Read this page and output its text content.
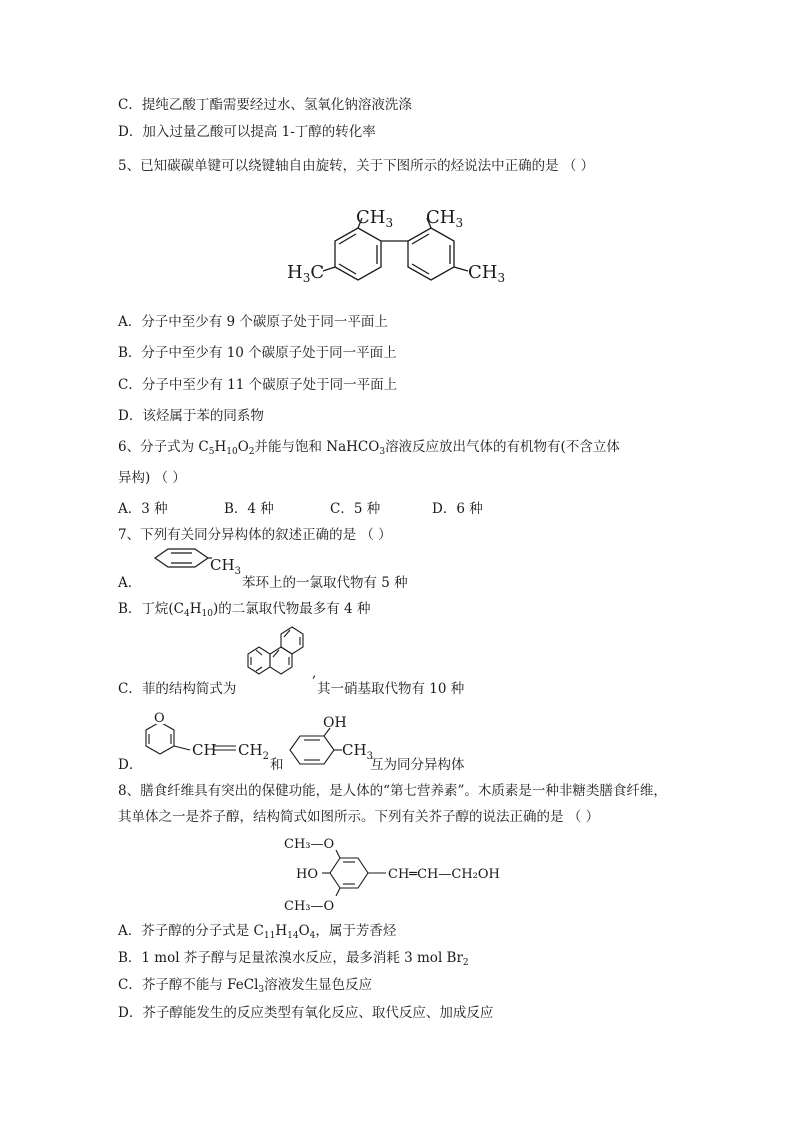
C．提纯乙酸丁酯需要经过水、氢氧化钠溶液洗涤
D．加入过量乙酸可以提高 1-丁醇的转化率
5、已知碳碳单键可以绕键轴自由旋转，关于下图所示的烃说法中正确的是 （ ）
$CH_3$ $CH_3$
$H_3C$	$CH_3$
A．分子中至少有 9 个碳原子处于同一平面上
B．分子中至少有 10 个碳原子处于同一平面上
C．分子中至少有 11 个碳原子处于同一平面上
D．该烃属于苯的同系物
6、分子式为 $C_5H_{10}O_2$并能与饱和 NaHCO$_3$溶液反应放出气体的有机物有(不含立体
异构) （ ）
A．3 种	B．4 种	C．5 种	D．6 种
7、下列有关同分异构体的叙述正确的是 （ ）
A．
$CH_3$
苯环上的一氯取代物有 5 种
B．丁烷$(C_4H_{10})$的二氯取代物最多有 4 种
,
C．菲的结构简式为	其一硝基取代物有 10 种
O
CH $CH_2$
OH
$CH_3$
D．	和	互为同分异构体
8、膳食纤维具有突出的保健功能，是人体的“第七营养素”。木质素是一种非糖类膳食纤维，
其单体之一是芥子醇，结构简式如图所示。下列有关芥子醇的说法正确的是 （ ）
CH₃—O
HO
CH₃—O
CH═CH—CH₂OH
A．芥子醇的分子式是 $C_{11}H_{14}O_4$，属于芳香烃
B．1 mol 芥子醇与足量浓溴水反应，最多消耗 3 mol $Br_2$
C．芥子醇不能与 FeCl$_3$溶液发生显色反应
D．芥子醇能发生的反应类型有氧化反应、取代反应、加成反应
